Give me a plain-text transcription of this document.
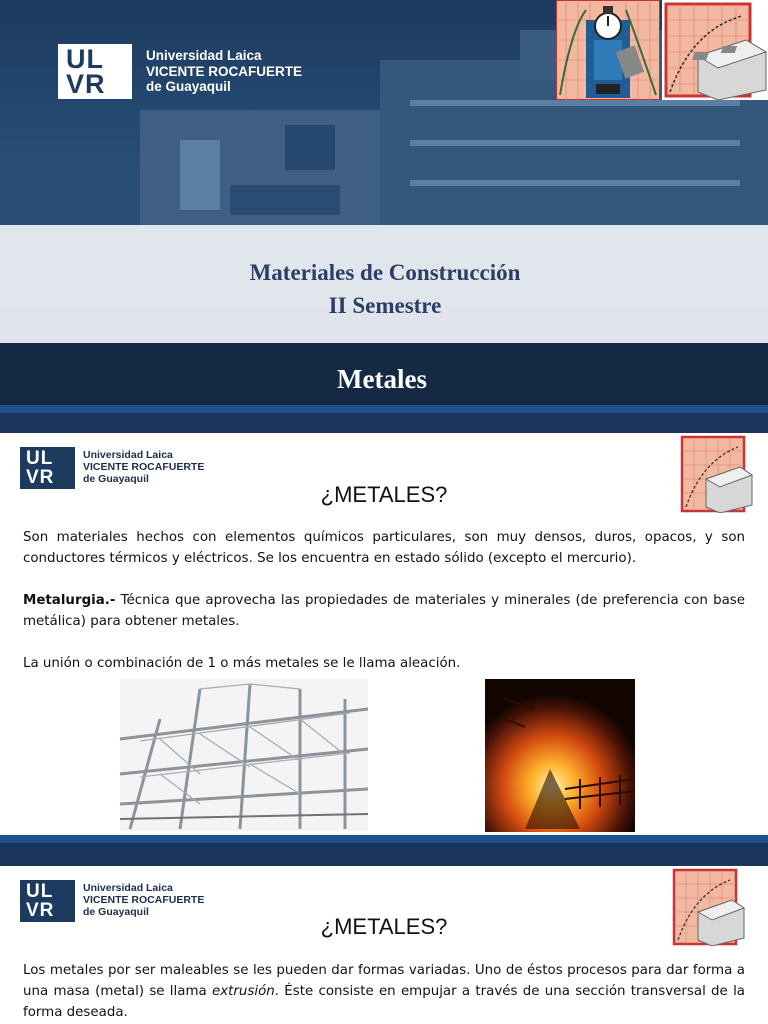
UL
VR
Universidad Laica
VICENTE ROCAFUERTE
de Guayaquil
Materiales de Construcción
II Semestre
Metales
UL
VR
Universidad Laica
VICENTE ROCAFUERTE
de Guayaquil
¿METALES?
Son materiales hechos con elementos químicos particulares, son muy densos, duros, opacos, y son conductores térmicos y eléctricos. Se los encuentra en estado sólido (excepto el mercurio).
Metalurgia.- Técnica que aprovecha las propiedades de materiales y minerales (de preferencia con base metálica) para obtener metales.
La unión o combinación de 1 o más metales se le llama aleación.
UL
VR
Universidad Laica
VICENTE ROCAFUERTE
de Guayaquil
¿METALES?
Los metales por ser maleables se les pueden dar formas variadas. Uno de éstos procesos para dar forma a una masa (metal) se llama extrusión. Éste consiste en empujar a través de una sección transversal de la forma deseada.
